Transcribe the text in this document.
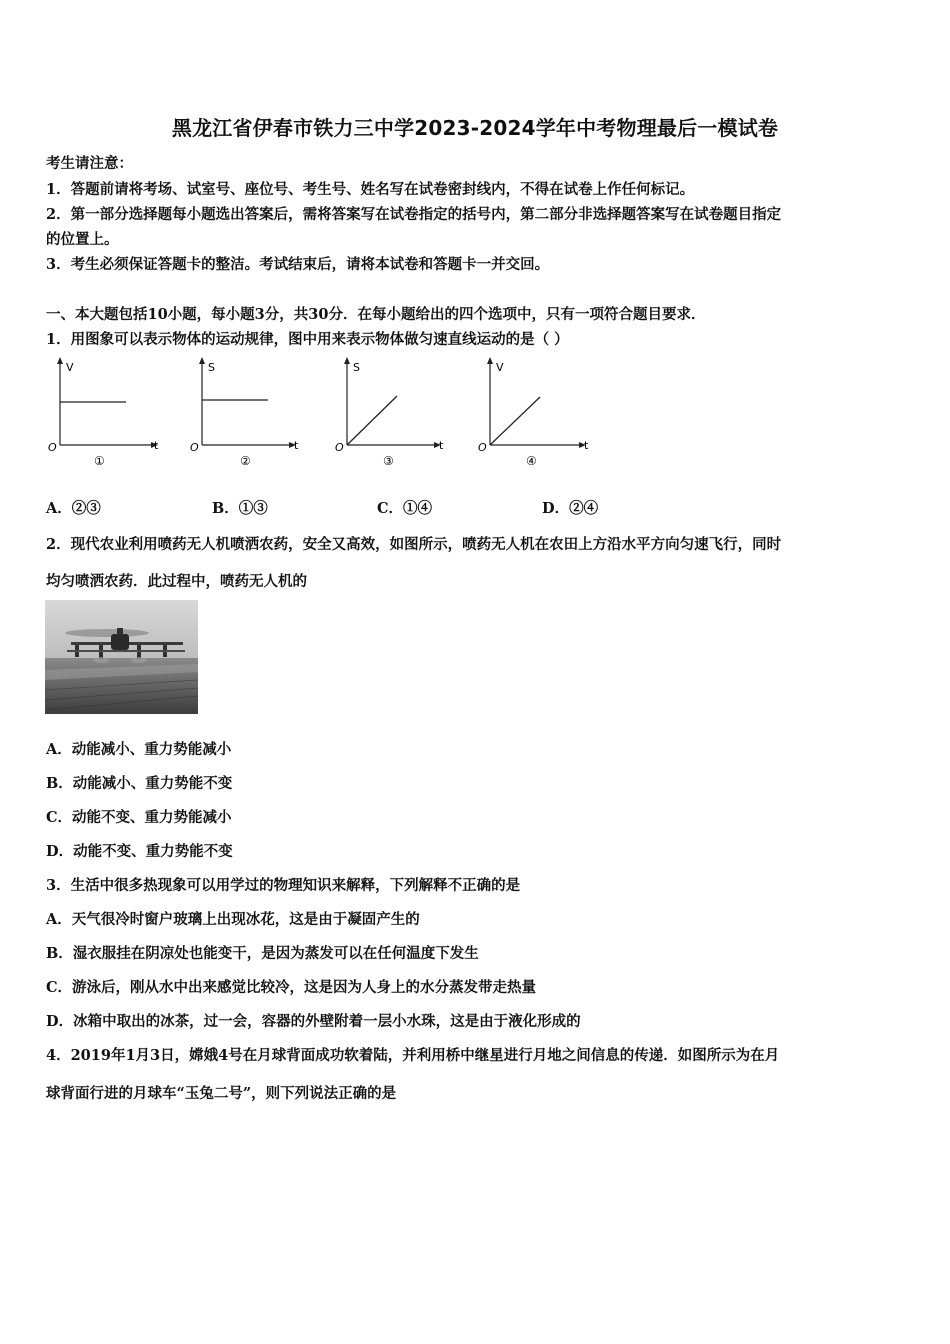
黑龙江省伊春市铁力三中学2023-2024学年中考物理最后一模试卷
考生请注意：
1．答题前请将考场、试室号、座位号、考生号、姓名写在试卷密封线内，不得在试卷上作任何标记。
2．第一部分选择题每小题选出答案后，需将答案写在试卷指定的括号内，第二部分非选择题答案写在试卷题目指定
的位置上。
3．考生必须保证答题卡的整洁。考试结束后，请将本试卷和答题卡一并交回。
一、本大题包括10小题，每小题3分，共30分．在每小题给出的四个选项中，只有一项符合题目要求．
1．用图象可以表示物体的运动规律，图中用来表示物体做匀速直线运动的是（ ）
V
t
O
①
S
t
O
②
S
t
O
③
V
t
O
④
A．②③	B．①③	C．①④	D．②④
2．现代农业利用喷药无人机喷洒农药，安全又高效，如图所示，喷药无人机在农田上方沿水平方向匀速飞行，同时
均匀喷洒农药．此过程中，喷药无人机的
A．动能减小、重力势能减小
B．动能减小、重力势能不变
C．动能不变、重力势能减小
D．动能不变、重力势能不变
3．生活中很多热现象可以用学过的物理知识来解释，下列解释不正确的是
A．天气很冷时窗户玻璃上出现冰花，这是由于凝固产生的
B．湿衣服挂在阴凉处也能变干，是因为蒸发可以在任何温度下发生
C．游泳后，刚从水中出来感觉比较冷，这是因为人身上的水分蒸发带走热量
D．冰箱中取出的冰茶，过一会，容器的外壁附着一层小水珠，这是由于液化形成的
4．2019年1月3日，嫦娥4号在月球背面成功软着陆，并利用桥中继星进行月地之间信息的传递．如图所示为在月
球背面行进的月球车“玉兔二号”，则下列说法正确的是
